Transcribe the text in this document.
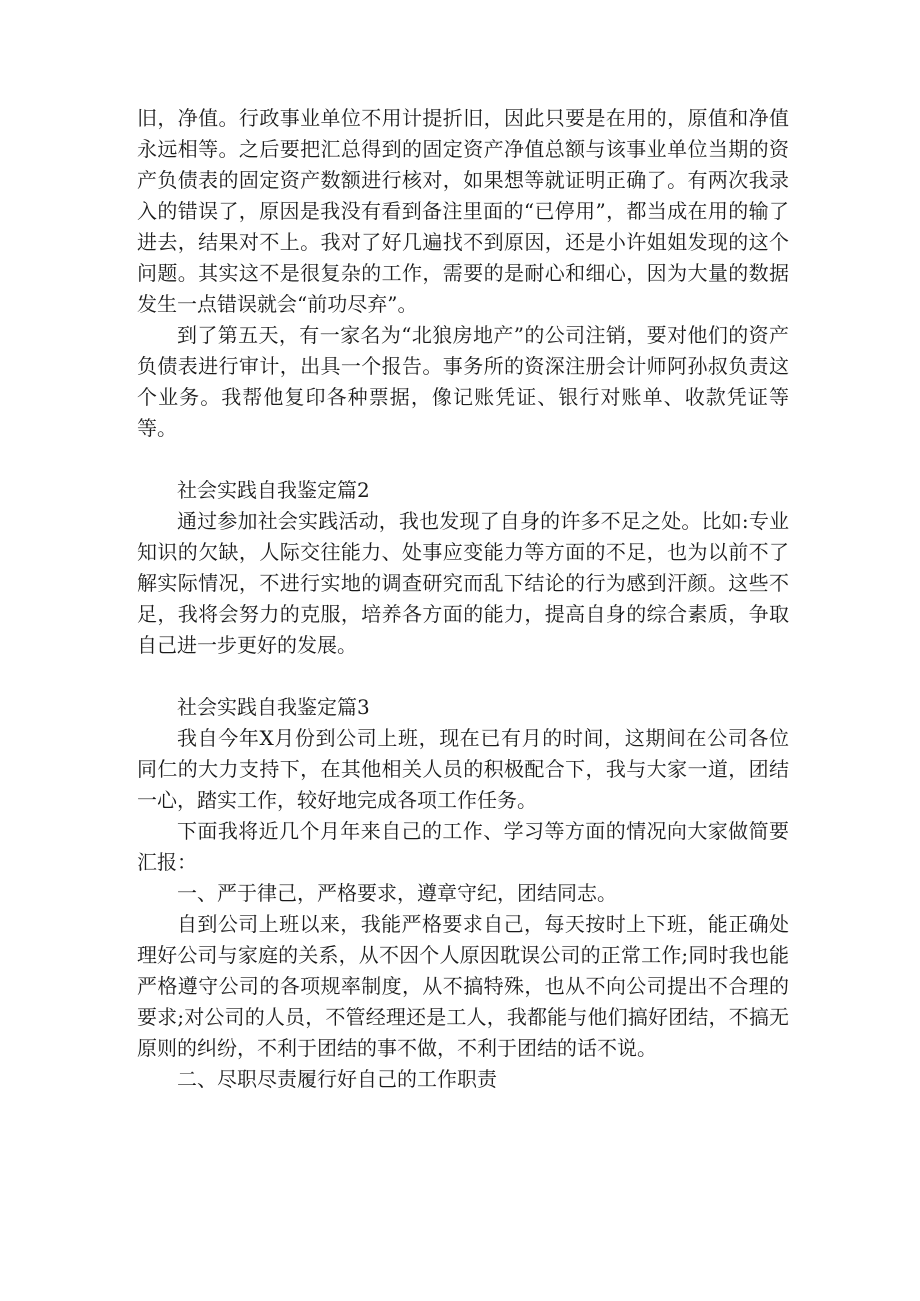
旧，净值。行政事业单位不用计提折旧，因此只要是在用的，原值和净值永远相等。之后要把汇总得到的固定资产净值总额与该事业单位当期的资产负债表的固定资产数额进行核对，如果想等就证明正确了。有两次我录入的错误了，原因是我没有看到备注里面的“已停用”，都当成在用的输了进去，结果对不上。我对了好几遍找不到原因，还是小许姐姐发现的这个问题。其实这不是很复杂的工作，需要的是耐心和细心，因为大量的数据发生一点错误就会“前功尽弃”。

到了第五天，有一家名为“北狼房地产”的公司注销，要对他们的资产负债表进行审计，出具一个报告。事务所的资深注册会计师阿孙叔负责这个业务。我帮他复印各种票据，像记账凭证、银行对账单、收款凭证等等。

社会实践自我鉴定篇2

通过参加社会实践活动，我也发现了自身的许多不足之处。比如:专业知识的欠缺，人际交往能力、处事应变能力等方面的不足，也为以前不了解实际情况，不进行实地的调查研究而乱下结论的行为感到汗颜。这些不足，我将会努力的克服，培养各方面的能力，提高自身的综合素质，争取自己进一步更好的发展。

社会实践自我鉴定篇3

我自今年X月份到公司上班，现在已有月的时间，这期间在公司各位同仁的大力支持下，在其他相关人员的积极配合下，我与大家一道，团结一心，踏实工作，较好地完成各项工作任务。

下面我将近几个月年来自己的工作、学习等方面的情况向大家做简要汇报：

一、严于律己，严格要求，遵章守纪，团结同志。

自到公司上班以来，我能严格要求自己，每天按时上下班，能正确处理好公司与家庭的关系，从不因个人原因耽误公司的正常工作;同时我也能严格遵守公司的各项规率制度，从不搞特殊，也从不向公司提出不合理的要求;对公司的人员，不管经理还是工人，我都能与他们搞好团结，不搞无原则的纠纷，不利于团结的事不做，不利于团结的话不说。

二、尽职尽责履行好自己的工作职责
